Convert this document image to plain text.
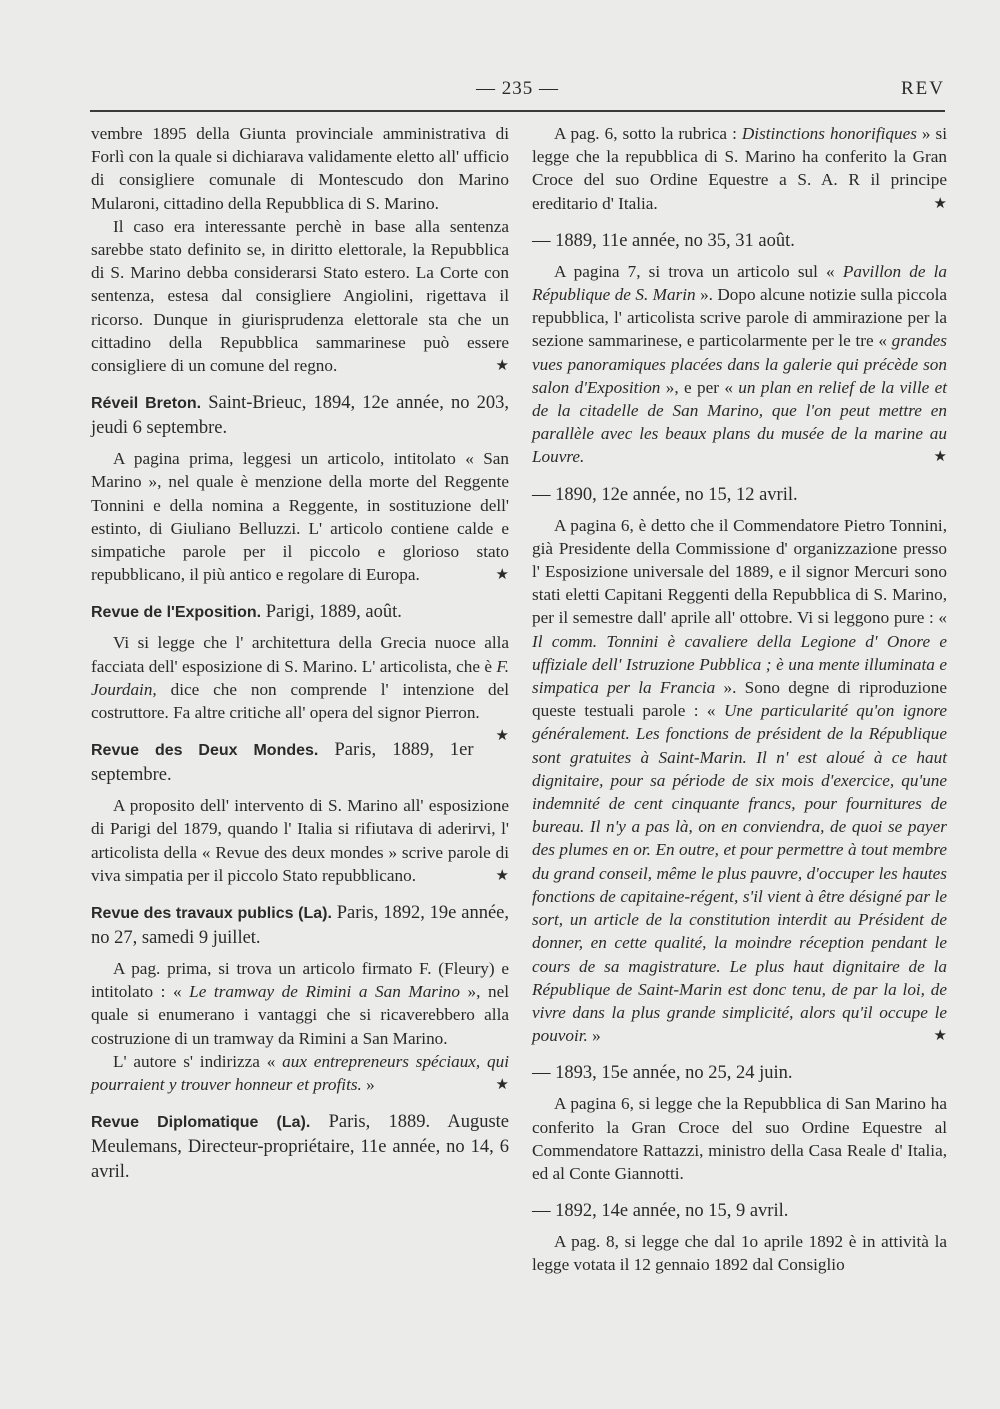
— 235 —	REV

vembre 1895 della Giunta provinciale amministrativa di Forlì con la quale si dichiarava validamente eletto all' ufficio di consigliere comunale di Montescudo don Marino Mularoni, cittadino della Repubblica di S. Marino.

Il caso era interessante perchè in base alla sentenza sarebbe stato definito se, in diritto elettorale, la Repubblica di S. Marino debba considerarsi Stato estero. La Corte con sentenza, estesa dal consigliere Angiolini, rigettava il ricorso. Dunque in giurisprudenza elettorale sta che un cittadino della Repubblica sammarinese può essere consigliere di un comune del regno.	★

Réveil Breton. Saint-Brieuc, 1894, 12e année, no 203, jeudi 6 septembre.

A pagina prima, leggesi un articolo, intitolato « San Marino », nel quale è menzione della morte del Reggente Tonnini e della nomina a Reggente, in sostituzione dell' estinto, di Giuliano Belluzzi. L' articolo contiene calde e simpatiche parole per il piccolo e glorioso stato repubblicano, il più antico e regolare di Europa.	★

Revue de l'Exposition. Parigi, 1889, août.

Vi si legge che l' architettura della Grecia nuoce alla facciata dell' esposizione di S. Marino. L' articolista, che è F. Jourdain, dice che non comprende l' intenzione del costruttore. Fa altre critiche all' opera del signor Pierron.
★

Revue des Deux Mondes. Paris, 1889, 1er septembre.

A proposito dell' intervento di S. Marino all' esposizione di Parigi del 1879, quando l' Italia si rifiutava di aderirvi, l' articolista della « Revue des deux mondes » scrive parole di viva simpatia per il piccolo Stato repubblicano.	★

Revue des travaux publics (La). Paris, 1892, 19e année, no 27, samedi 9 juillet.

A pag. prima, si trova un articolo firmato F. (Fleury) e intitolato : « Le tramway de Rimini a San Marino », nel quale si enumerano i vantaggi che si ricaverebbero alla costruzione di un tramway da Rimini a San Marino.

L' autore s' indirizza « aux entrepreneurs spéciaux, qui pourraient y trouver honneur et profits. »	★

Revue Diplomatique (La). Paris, 1889. Auguste Meulemans, Directeur-propriétaire, 11e année, no 14, 6 avril.

A pag. 6, sotto la rubrica : Distinctions honorifiques » si legge che la repubblica di S. Marino ha conferito la Gran Croce del suo Ordine Equestre a S. A. R il principe ereditario d' Italia.	★

— 1889, 11e année, no 35, 31 août.

A pagina 7, si trova un articolo sul « Pavillon de la République de S. Marin ». Dopo alcune notizie sulla piccola repubblica, l' articolista scrive parole di ammirazione per la sezione sammarinese, e particolarmente per le tre « grandes vues panoramiques placées dans la galerie qui précède son salon d'Exposition », e per « un plan en relief de la ville et de la citadelle de San Marino, que l'on peut mettre en parallèle avec les beaux plans du musée de la marine au Louvre.	★

— 1890, 12e année, no 15, 12 avril.

A pagina 6, è detto che il Commendatore Pietro Tonnini, già Presidente della Commissione d' organizzazione presso l' Esposizione universale del 1889, e il signor Mercuri sono stati eletti Capitani Reggenti della Repubblica di S. Marino, per il semestre dall' aprile all' ottobre. Vi si leggono pure : « Il comm. Tonnini è cavaliere della Legione d' Onore e uffiziale dell' Istruzione Pubblica ; è una mente illuminata e simpatica per la Francia ». Sono degne di riproduzione queste testuali parole : « Une particularité qu'on ignore généralement. Les fonctions de président de la République sont gratuites à Saint-Marin. Il n' est aloué à ce haut dignitaire, pour sa période de six mois d'exercice, qu'une indemnité de cent cinquante francs, pour fournitures de bureau. Il n'y a pas là, on en conviendra, de quoi se payer des plumes en or. En outre, et pour permettre à tout membre du grand conseil, même le plus pauvre, d'occuper les hautes fonctions de capitaine-régent, s'il vient à être désigné par le sort, un article de la constitution interdit au Président de donner, en cette qualité, la moindre réception pendant le cours de sa magistrature. Le plus haut dignitaire de la République de Saint-Marin est donc tenu, de par la loi, de vivre dans la plus grande simplicité, alors qu'il occupe le pouvoir. »	★

— 1893, 15e année, no 25, 24 juin.

A pagina 6, si legge che la Repubblica di San Marino ha conferito la Gran Croce del suo Ordine Equestre al Commendatore Rattazzi, ministro della Casa Reale d' Italia, ed al Conte Giannotti.

— 1892, 14e année, no 15, 9 avril.

A pag. 8, si legge che dal 1o aprile 1892 è in attività la legge votata il 12 gennaio 1892 dal Consiglio
